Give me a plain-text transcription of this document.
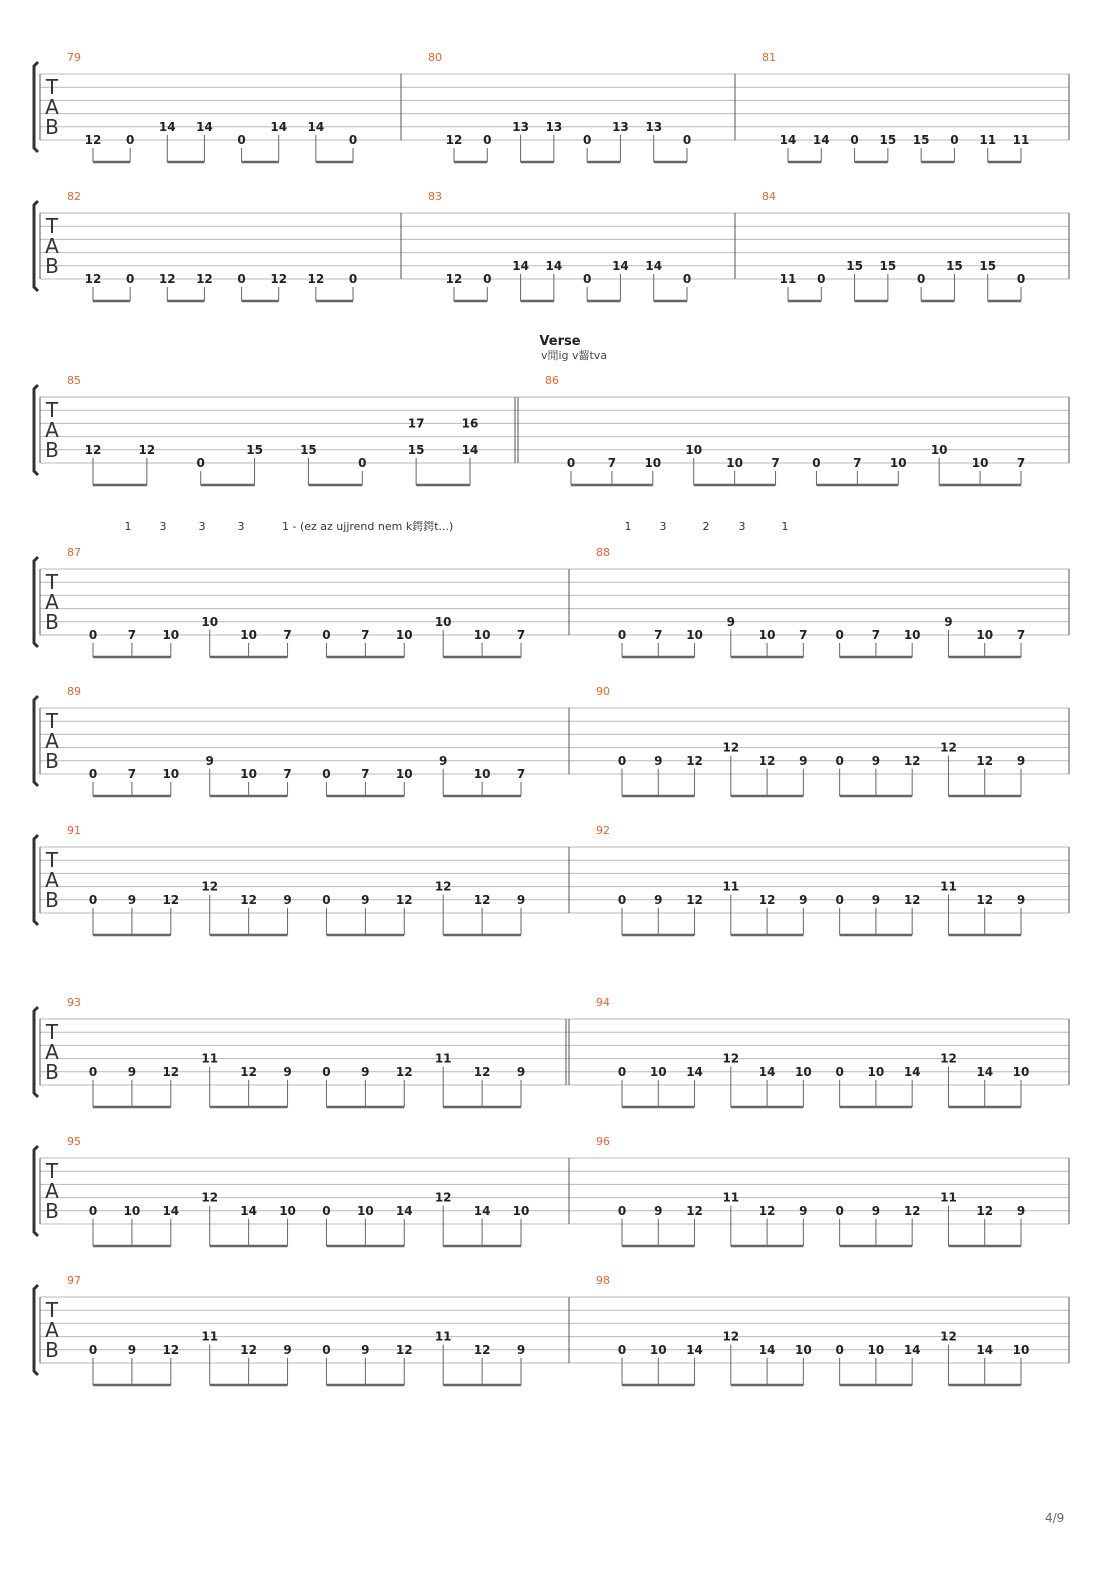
T
A
B
79
12 0
14 14
0
14 14
0
80
12 0
13 13
0
13 13
0
81
14 14 0 15 15 0 11 11
T
A
B
82
12 0 12 12 0 12 12 0
83
12 0
14 14
0
14 14
0
84
11 0
15 15
0
15 15
0
T
A
B
Verse
v閒ig v齧tva
85
12	12
0
15	15
0
15
17
14
16
86
0	7 10
10
10 7	0	7 10
10
10 7
T
A
B
1	3	3	3	1 - (ez az ujjrend nem k鍔鍔t...)	1	3	2	3	1
87
0	7 10
10
10 7	0	7 10
10
10 7
88
0 7 10
9
10 7 0 7 10
9
10 7
T
A
B
89
0	7 10
9
10 7	0	7 10
9
10 7
90
0 9 12
12
12 9 0 9 12
12
12 9
T
A
B
91
0	9 12
12
12 9	0	9 12
12
12 9
92
0 9 12
11
12 9 0 9 12
11
12 9
T
A
B
93
0	9 12
11
12 9	0	9 12
11
12 9
94
0 10 14
12
14 10 0 10 14
12
14 10
T
A
B
95
0 10 14
12
14 10 0 10 14
12
14 10
96
0 9 12
11
12 9 0 9 12
11
12 9
T
A
B
97
0	9 12
11
12 9	0	9 12
11
12 9
98
0 10 14
12
14 10 0 10 14
12
14 10
4/9
